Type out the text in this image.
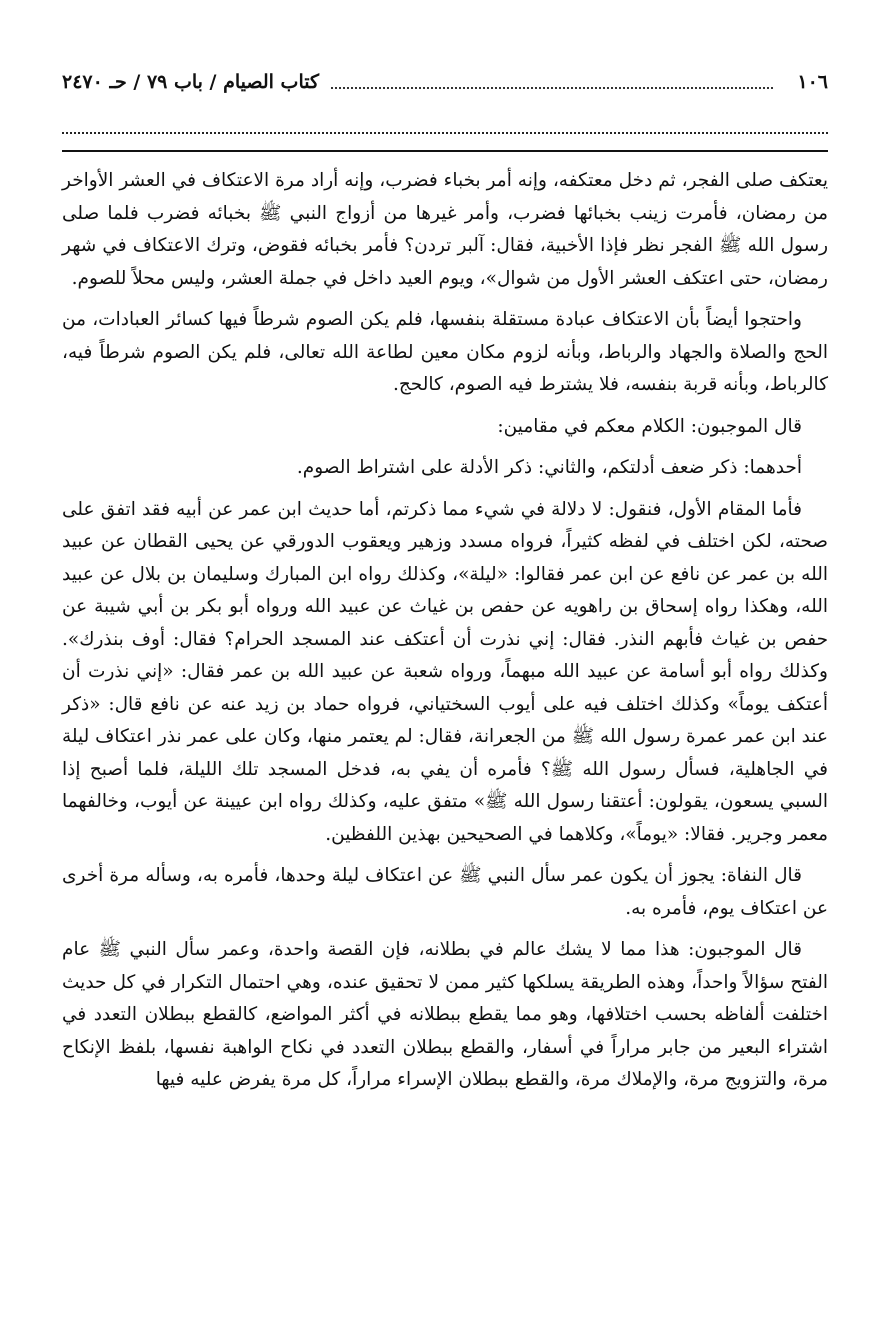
١٠٦
كتاب الصيام / باب ٧٩ / حـ ٢٤٧٠

يعتكف صلى الفجر، ثم دخل معتكفه، وإنه أمر بخباء فضرب، وإنه أراد مرة الاعتكاف في العشر الأواخر من رمضان، فأمرت زينب بخبائها فضرب، وأمر غيرها من أزواج النبي ﷺ بخبائه فضرب فلما صلى رسول الله ﷺ الفجر نظر فإذا الأخبية، فقال: آلبر تردن؟ فأمر بخبائه فقوض، وترك الاعتكاف في شهر رمضان، حتى اعتكف العشر الأول من شوال»، ويوم العيد داخل في جملة العشر، وليس محلاً للصوم.

واحتجوا أيضاً بأن الاعتكاف عبادة مستقلة بنفسها، فلم يكن الصوم شرطاً فيها كسائر العبادات، من الحج والصلاة والجهاد والرباط، وبأنه لزوم مكان معين لطاعة الله تعالى، فلم يكن الصوم شرطاً فيه، كالرباط، وبأنه قربة بنفسه، فلا يشترط فيه الصوم، كالحج.

قال الموجبون: الكلام معكم في مقامين:

أحدهما: ذكر ضعف أدلتكم، والثاني: ذكر الأدلة على اشتراط الصوم.

فأما المقام الأول، فنقول: لا دلالة في شيء مما ذكرتم، أما حديث ابن عمر عن أبيه فقد اتفق على صحته، لكن اختلف في لفظه كثيراً، فرواه مسدد وزهير ويعقوب الدورقي عن يحيى القطان عن عبيد الله بن عمر عن نافع عن ابن عمر فقالوا: «ليلة»، وكذلك رواه ابن المبارك وسليمان بن بلال عن عبيد الله، وهكذا رواه إسحاق بن راهويه عن حفص بن غياث عن عبيد الله ورواه أبو بكر بن أبي شيبة عن حفص بن غياث فأبهم النذر. فقال: إني نذرت أن أعتكف عند المسجد الحرام؟ فقال: أوف بنذرك». وكذلك رواه أبو أسامة عن عبيد الله مبهماً، ورواه شعبة عن عبيد الله بن عمر فقال: «إني نذرت أن أعتكف يوماً» وكذلك اختلف فيه على أيوب السختياني، فرواه حماد بن زيد عنه عن نافع قال: «ذكر عند ابن عمر عمرة رسول الله ﷺ من الجعرانة، فقال: لم يعتمر منها، وكان على عمر نذر اعتكاف ليلة في الجاهلية، فسأل رسول الله ﷺ؟ فأمره أن يفي به، فدخل المسجد تلك الليلة، فلما أصبح إذا السبي يسعون، يقولون: أعتقنا رسول الله ﷺ» متفق عليه، وكذلك رواه ابن عيينة عن أيوب، وخالفهما معمر وجرير. فقالا: «يوماً»، وكلاهما في الصحيحين بهذين اللفظين.

قال النفاة: يجوز أن يكون عمر سأل النبي ﷺ عن اعتكاف ليلة وحدها، فأمره به، وسأله مرة أخرى عن اعتكاف يوم، فأمره به.

قال الموجبون: هذا مما لا يشك عالم في بطلانه، فإن القصة واحدة، وعمر سأل النبي ﷺ عام الفتح سؤالاً واحداً، وهذه الطريقة يسلكها كثير ممن لا تحقيق عنده، وهي احتمال التكرار في كل حديث اختلفت ألفاظه بحسب اختلافها، وهو مما يقطع ببطلانه في أكثر المواضع، كالقطع ببطلان التعدد في اشتراء البعير من جابر مراراً في أسفار، والقطع ببطلان التعدد في نكاح الواهبة نفسها، بلفظ الإنكاح مرة، والتزويج مرة، والإملاك مرة، والقطع ببطلان الإسراء مراراً، كل مرة يفرض عليه فيها
